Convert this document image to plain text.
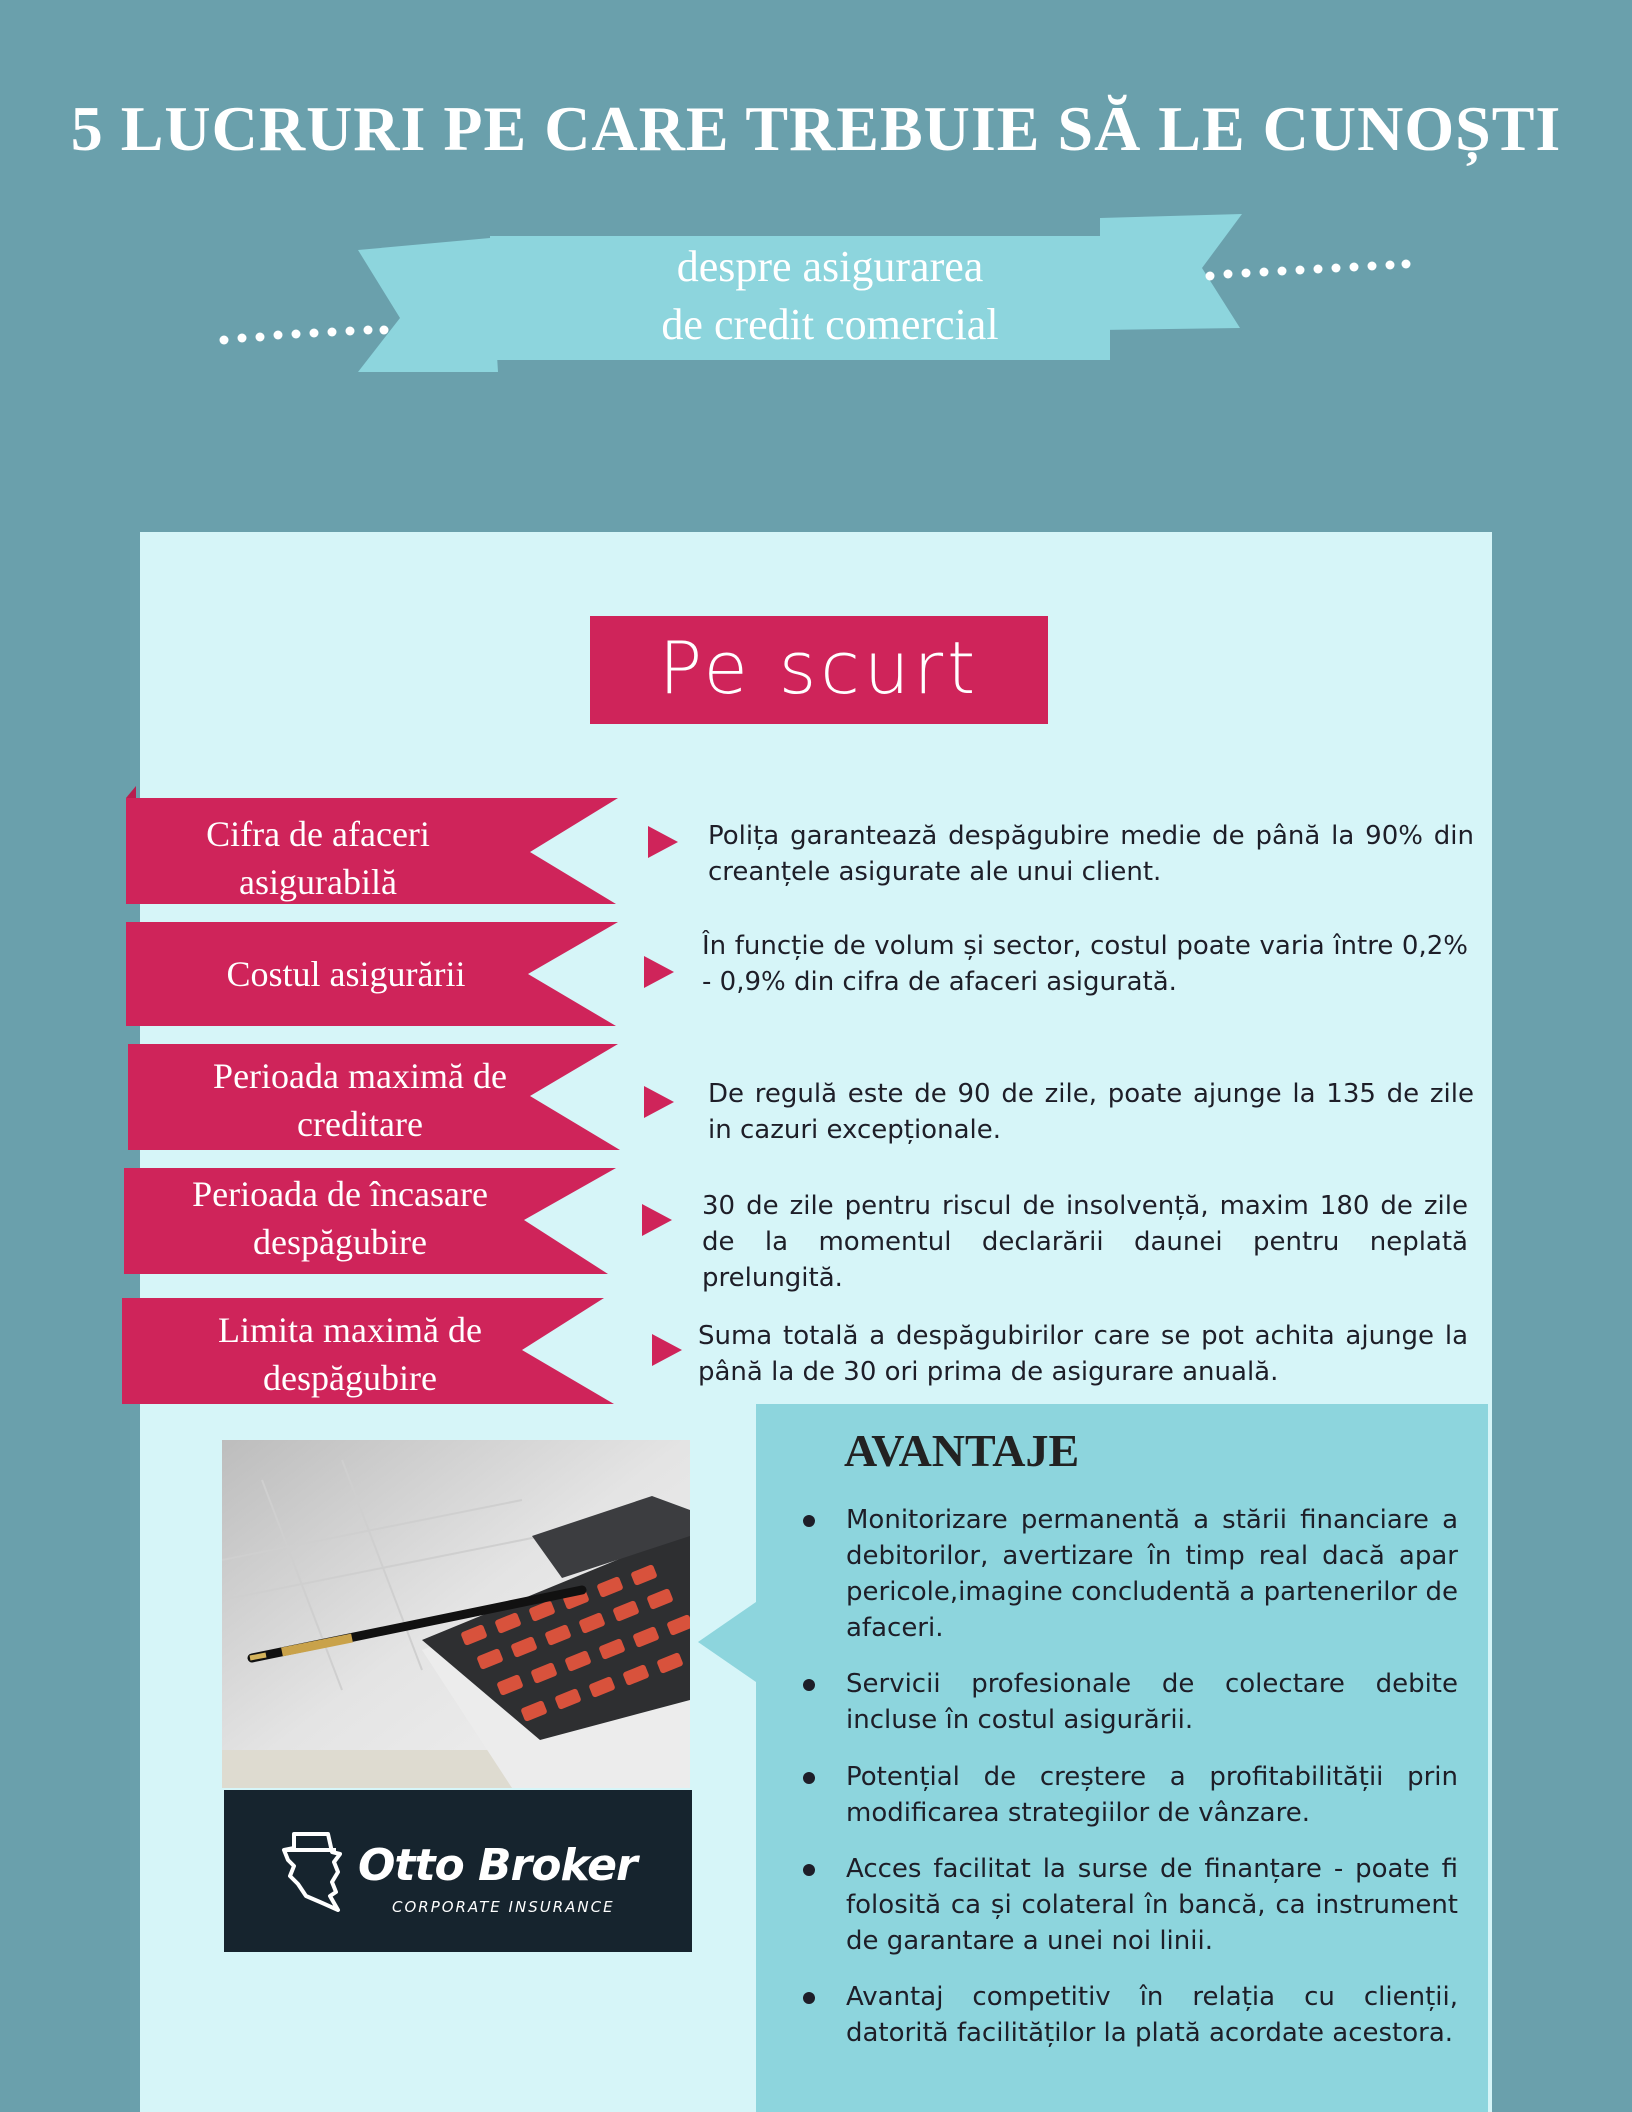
5 LUCRURI PE CARE TREBUIE SĂ LE CUNOȘTI
despre asigurarea
de credit comercial
Pe scurt
Cifra de afaceri
asigurabilă
Costul asigurării
Perioada maximă de
creditare
Perioada de încasare
despăgubire
Limita maximă de
despăgubire
Polița garantează despăgubire medie de până la 90% din creanțele asigurate ale unui client.
În funcție de volum și sector, costul poate varia între 0,2% - 0,9% din cifra de afaceri asigurată.
De regulă este de 90 de zile, poate ajunge la 135 de zile in cazuri excepționale.
30 de zile pentru riscul de insolvență, maxim 180 de zile de la momentul declarării daunei pentru neplată prelungită.
Suma totală a despăgubirilor care se pot achita ajunge la până la de 30 ori prima de asigurare anuală.
Otto Broker
CORPORATE INSURANCE
AVANTAJE
Monitorizare permanentă a stării financiare a debitorilor, avertizare în timp real dacă apar pericole,imagine concludentă a partenerilor de afaceri.
Servicii profesionale de colectare debite incluse în costul asigurării.
Potențial de creștere a profitabilității prin modificarea strategiilor de vânzare.
Acces facilitat la surse de finanțare - poate fi folosită ca și colateral în bancă, ca instrument de garantare a unei noi linii.
Avantaj competitiv în relația cu clienții, datorită facilităților la plată acordate acestora.
